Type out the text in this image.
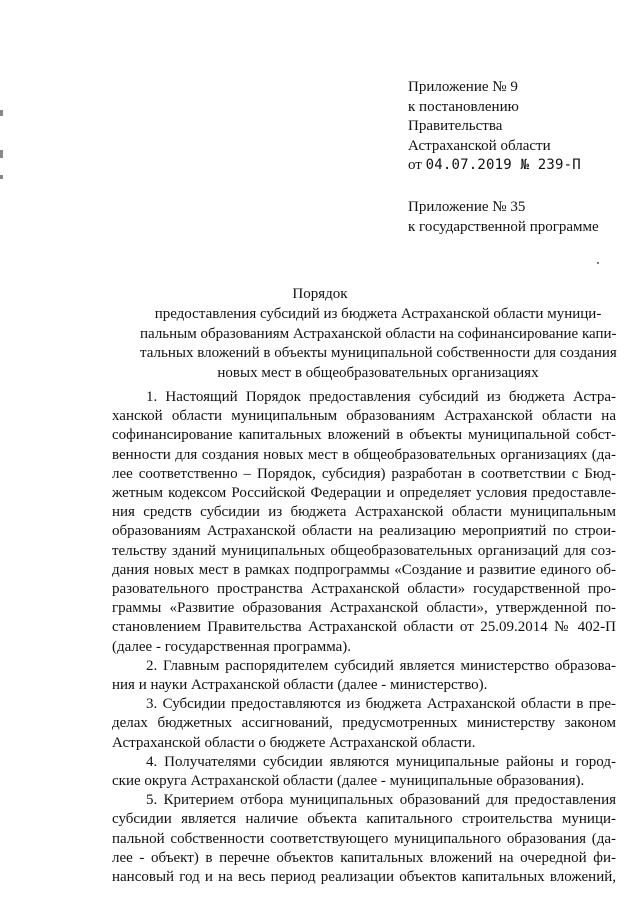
Приложение № 9
к постановлению
Правительства
Астраханской области
от 04.07.2019 № 239-П
Приложение № 35
к государственной программе
Порядок
предоставления субсидий из бюджета Астраханской области муници-
пальным образованиям Астраханской области на софинансирование капи-
тальных вложений в объекты муниципальной собственности для создания
новых мест в общеобразовательных организациях
1. Настоящий Порядок предоставления субсидий из бюджета Астра-
ханской области муниципальным образованиям Астраханской области на
софинансирование капитальных вложений в объекты муниципальной собст-
венности для создания новых мест в общеобразовательных организациях (да-
лее соответственно – Порядок, субсидия) разработан в соответствии с Бюд-
жетным кодексом Российской Федерации и определяет условия предоставле-
ния средств субсидии из бюджета Астраханской области муниципальным
образованиям Астраханской области на реализацию мероприятий по строи-
тельству зданий муниципальных общеобразовательных организаций для соз-
дания новых мест в рамках подпрограммы «Создание и развитие единого об-
разовательного пространства Астраханской области» государственной про-
граммы «Развитие образования Астраханской области», утвержденной по-
становлением Правительства Астраханской области от 25.09.2014 № 402-П
(далее - государственная программа).
2. Главным распорядителем субсидий является министерство образова-
ния и науки Астраханской области (далее - министерство).
3. Субсидии предоставляются из бюджета Астраханской области в пре-
делах бюджетных ассигнований, предусмотренных министерству законом
Астраханской области о бюджете Астраханской области.
4. Получателями субсидии являются муниципальные районы и город-
ские округа Астраханской области (далее - муниципальные образования).
5. Критерием отбора муниципальных образований для предоставления
субсидии является наличие объекта капитального строительства муници-
пальной собственности соответствующего муниципального образования (да-
лее - объект) в перечне объектов капитальных вложений на очередной фи-
нансовый год и на весь период реализации объектов капитальных вложений,
